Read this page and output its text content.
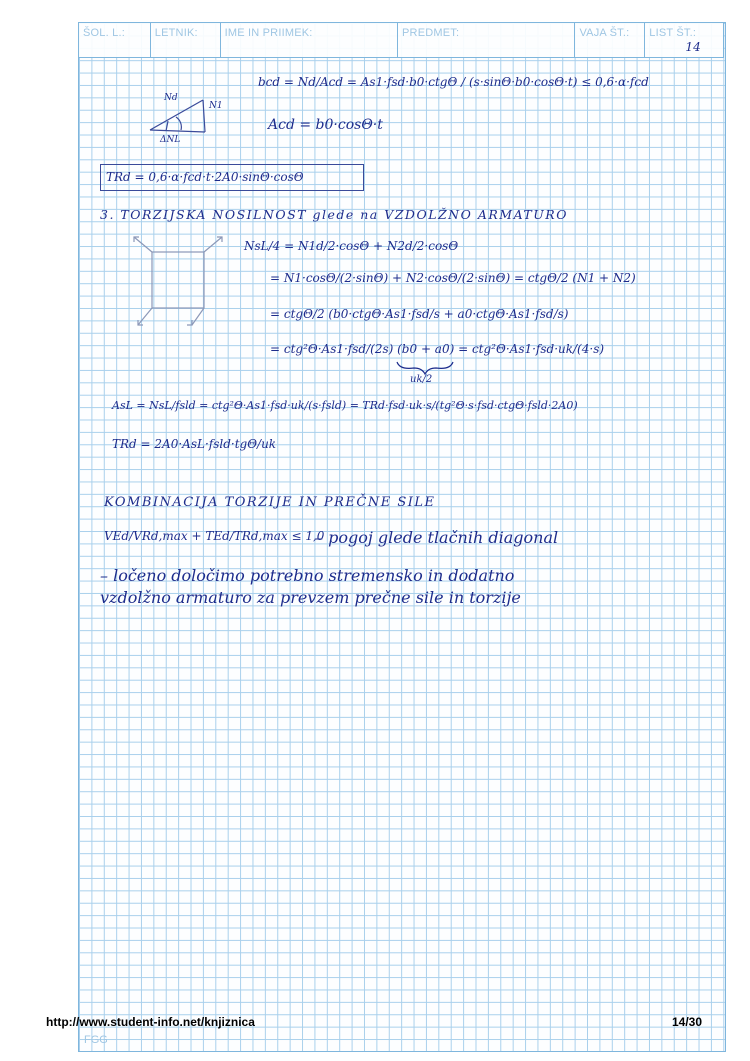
ŠOL. L.:	LETNIK:	IME IN PRIIMEK:	PREDMET:	VAJA ŠT.:	LIST ŠT.:
14
bcd = Nd/Acd = As1·fsd·b0·ctgΘ / (s·sinΘ·b0·cosΘ·t) ≤ 0,6·α·fcd
Nd
N1
ΔNL
Acd = b0·cosΘ·t
TRd = 0,6·α·fcd·t·2A0·sinΘ·cosΘ
3. TORZIJSKA NOSILNOST glede na VZDOLŽNO ARMATURO
NsL/4 = N1d/2·cosΘ + N2d/2·cosΘ
= N1·cosΘ/(2·sinΘ) + N2·cosΘ/(2·sinΘ) = ctgΘ/2 (N1 + N2)
= ctgΘ/2 (b0·ctgΘ·As1·fsd/s + a0·ctgΘ·As1·fsd/s)
= ctg²Θ·As1·fsd/(2s) (b0 + a0) = ctg²Θ·As1·fsd·uk/(4·s)
uk/2
AsL = NsL/fsld = ctg²Θ·As1·fsd·uk/(s·fsld) = TRd·fsd·uk·s/(tg²Θ·s·fsd·ctgΘ·fsld·2A0)
TRd = 2A0·AsL·fsld·tgΘ/uk
KOMBINACIJA TORZIJE IN PREČNE SILE
VEd/VRd,max + TEd/TRd,max ≤ 1,0
– pogoj glede tlačnih diagonal
– ločeno določimo potrebno stremensko in dodatno
vzdolžno armaturo za prevzem prečne sile in torzije
http://www.student-info.net/knjiznica	14/30
FGG
